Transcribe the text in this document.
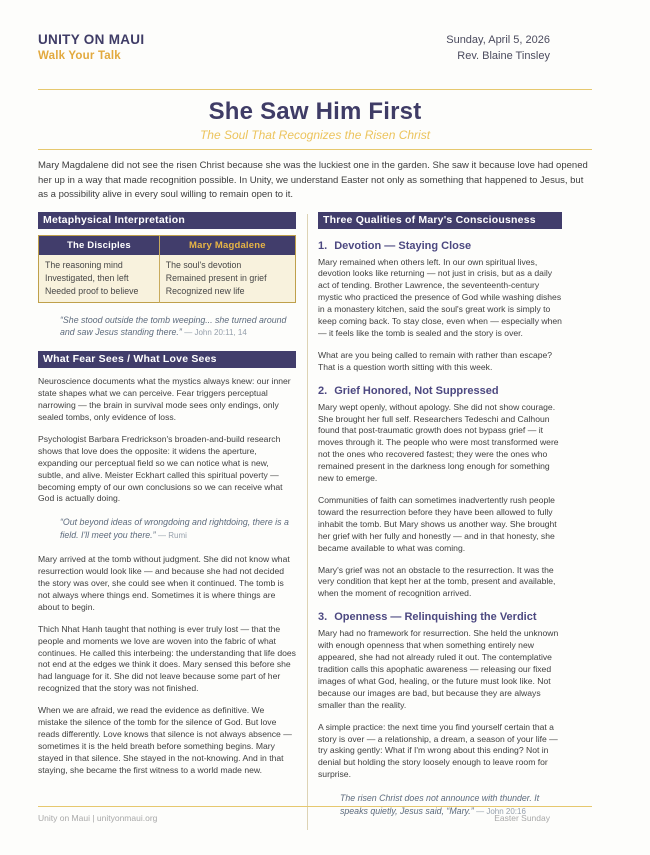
UNITY ON MAUI
Walk Your Talk
Sunday, April 5, 2026
Rev. Blaine Tinsley
She Saw Him First
The Soul That Recognizes the Risen Christ

Mary Magdalene did not see the risen Christ because she was the luckiest one in the garden. She saw it because love had opened her up in a way that made recognition possible. In Unity, we understand Easter not only as something that happened to Jesus, but as a possibility alive in every soul willing to remain open to it.

Metaphysical Interpretation
The Disciples	Mary Magdalene

The reasoning mind
Investigated, then left
Needed proof to believe

The soul's devotion
Remained present in grief
Recognized new life
“She stood outside the tomb weeping... she turned around and saw Jesus standing there.” — John 20:11, 14
What Fear Sees / What Love Sees

Neuroscience documents what the mystics always knew: our inner state shapes what we can perceive. Fear triggers perceptual narrowing — the brain in survival mode sees only endings, only sealed tombs, only evidence of loss.

Psychologist Barbara Fredrickson's broaden-and-build research shows that love does the opposite: it widens the aperture, expanding our perceptual field so we can notice what is new, subtle, and alive. Meister Eckhart called this spiritual poverty — becoming empty of our own conclusions so we can receive what God is actually doing.

“Out beyond ideas of wrongdoing and rightdoing, there is a field. I'll meet you there.” — Rumi

Mary arrived at the tomb without judgment. She did not know what resurrection would look like — and because she had not decided the story was over, she could see when it continued. The tomb is not always where things end. Sometimes it is where things are about to begin.

Thich Nhat Hanh taught that nothing is ever truly lost — that the people and moments we love are woven into the fabric of what continues. He called this interbeing: the understanding that life does not end at the edges we think it does. Mary sensed this before she had language for it. She did not leave because some part of her recognized that the story was not finished.

When we are afraid, we read the evidence as definitive. We mistake the silence of the tomb for the silence of God. But love reads differently. Love knows that silence is not always absence — sometimes it is the held breath before something begins. Mary stayed in that silence. She stayed in the not-knowing. And in that staying, she became the first witness to a world made new.

Three Qualities of Mary's Consciousness
1. Devotion — Staying Close

Mary remained when others left. In our own spiritual lives, devotion looks like returning — not just in crisis, but as a daily act of tending. Brother Lawrence, the seventeenth-century mystic who practiced the presence of God while washing dishes in a monastery kitchen, said the soul's great work is simply to keep coming back. To stay close, even when — especially when — it feels like the tomb is sealed and the story is over.

What are you being called to remain with rather than escape? That is a question worth sitting with this week.

2. Grief Honored, Not Suppressed

Mary wept openly, without apology. She did not show courage. She brought her full self. Researchers Tedeschi and Calhoun found that post-traumatic growth does not bypass grief — it moves through it. The people who were most transformed were not the ones who recovered fastest; they were the ones who remained present in the darkness long enough for something new to emerge.

Communities of faith can sometimes inadvertently rush people toward the resurrection before they have been allowed to fully inhabit the tomb. But Mary shows us another way. She brought her grief with her fully and honestly — and in that honesty, she became available to what was coming.

Mary's grief was not an obstacle to the resurrection. It was the very condition that kept her at the tomb, present and available, when the moment of recognition arrived.

3. Openness — Relinquishing the Verdict

Mary had no framework for resurrection. She held the unknown with enough openness that when something entirely new appeared, she had not already ruled it out. The contemplative tradition calls this apophatic awareness — releasing our fixed images of what God, healing, or the future must look like. Not because our images are bad, but because they are always smaller than the reality.

A simple practice: the next time you find yourself certain that a story is over — a relationship, a dream, a season of your life — try asking gently: What if I'm wrong about this ending? Not in denial but holding the story loosely enough to leave room for surprise.

The risen Christ does not announce with thunder. It speaks quietly, Jesus said, “Mary.” — John 20:16
Unity on Maui | unityonmaui.org	Easter Sunday
